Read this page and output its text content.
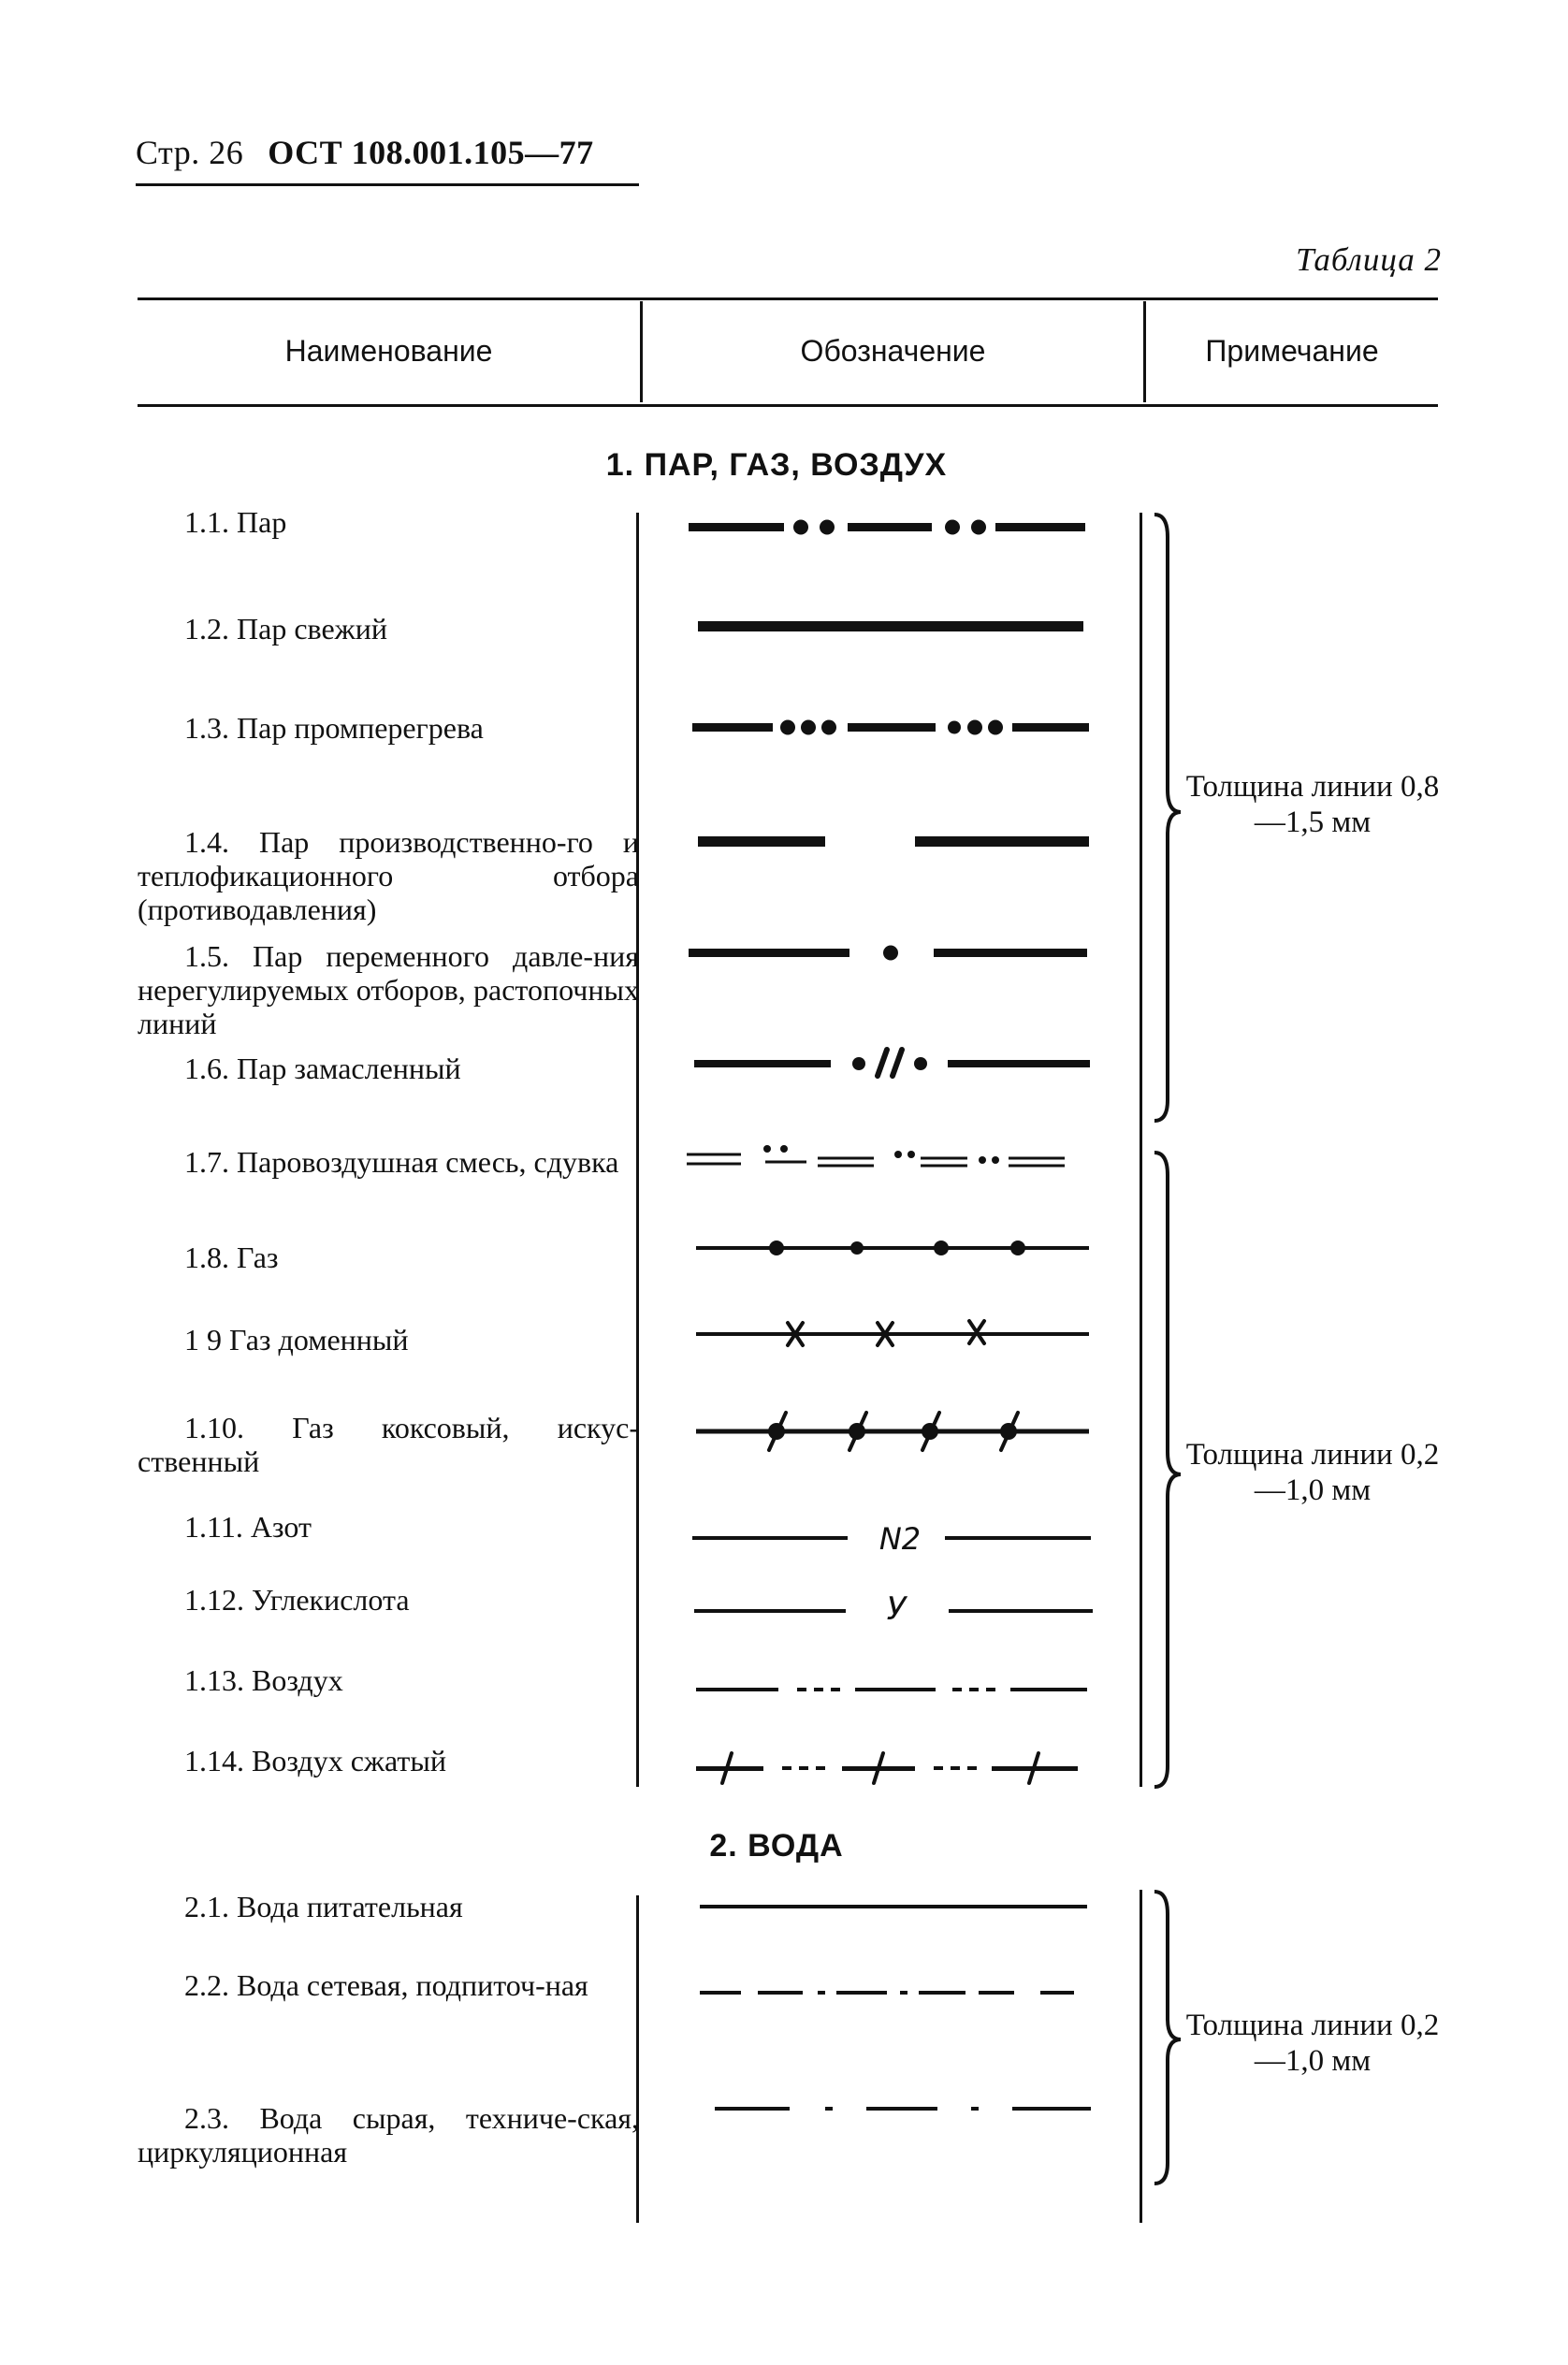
Стр. 26 ОСТ 108.001.105—77
Таблица 2
Наименование	Обозначение	Примечание
1. ПАР, ГАЗ, ВОЗДУХ
1.1. Пар
1.2. Пар свежий
1.3. Пар промперегрева
1.4. Пар производственно-го и теплофикационного отбора (противодавления)
1.5. Пар переменного давле-ния нерегулируемых отборов, растопочных линий
1.6. Пар замасленный
1.7. Паровоздушная смесь, сдувка
1.8. Газ
1 9 Газ доменный
1.10. Газ коксовый, искус-ственный
1.11. Азот
1.12. Углекислота
1.13. Воздух
1.14. Воздух сжатый
N2
У
Толщина линии 0,8—1,5 мм
Толщина линии 0,2—1,0 мм
2. ВОДА
2.1. Вода питательная
2.2. Вода сетевая, подпиточ-ная
2.3. Вода сырая, техниче-ская, циркуляционная
Толщина линии 0,2—1,0 мм
